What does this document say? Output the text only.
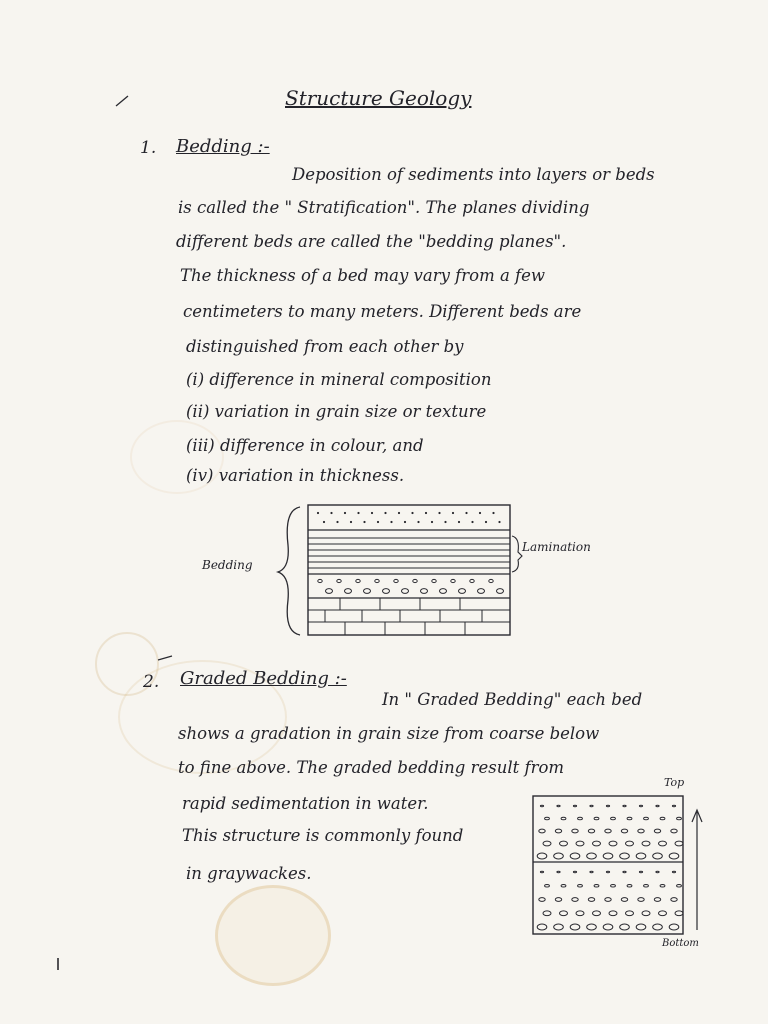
Structure Geology
1. Bedding :-
Deposition of sediments into layers or beds
is called the " Stratification". The planes dividing
different beds are called the "bedding planes".
The thickness of a bed may vary from a few
centimeters to many meters. Different beds are
distinguished from each other by
(i) difference in mineral composition
(ii) variation in grain size or texture
(iii) difference in colour, and
(iv) variation in thickness.
Bedding
Lamination
2. Graded Bedding :-
In " Graded Bedding" each bed
shows a gradation in grain size from coarse below
to fine above. The graded bedding result from
rapid sedimentation in water.
This structure is commonly found
in graywackes.
Top
Bottom
